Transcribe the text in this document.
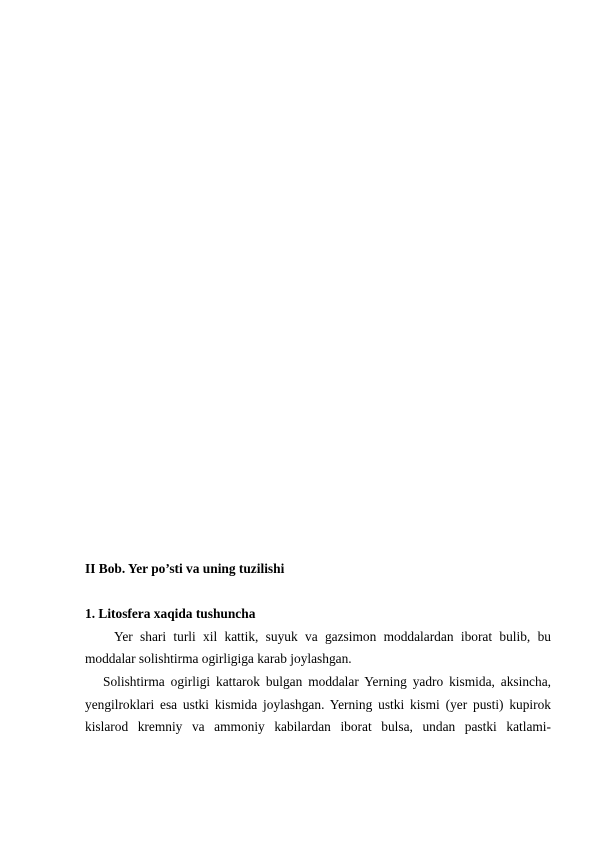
II Bob. Yer po’sti va uning tuzilishi

1. Litosfera xaqida tushuncha

Yer shari turli xil kattik, suyuk va gazsimon moddalardan iborat bulib, bu moddalar solishtirma ogirligiga karab joylashgan.

Solishtirma ogirligi kattarok bulgan moddalar Yerning yadro kismida, aksincha, yengilroklari esa ustki kismida joylashgan. Yerning ustki kismi (yer pusti) kupirok kislarod kremniy va ammoniy kabilardan iborat bulsa, undan pastki katlami-
